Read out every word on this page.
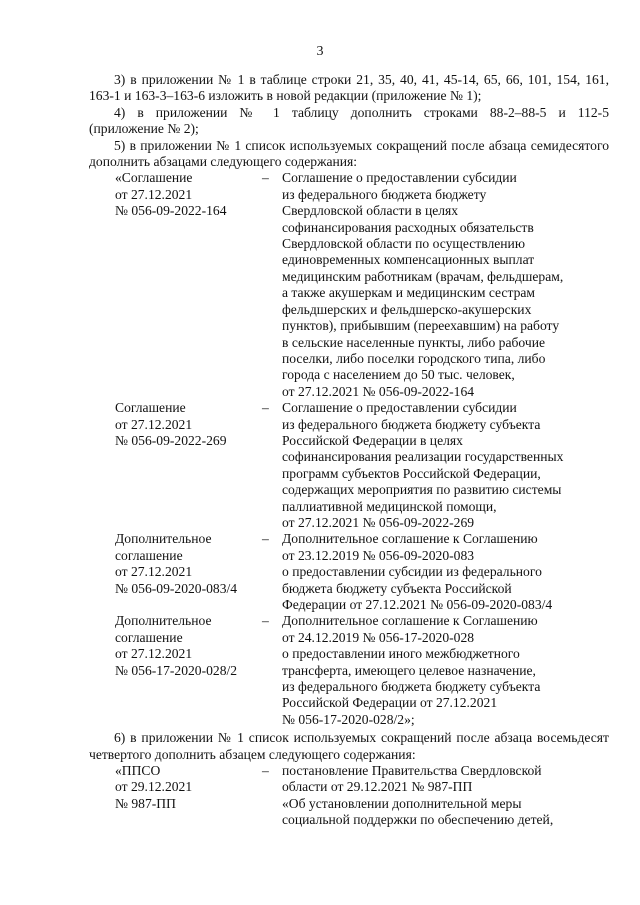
3
3) в приложении № 1 в таблице строки 21, 35, 40, 41, 45-14, 65, 66, 101, 154, 161, 163-1 и 163-3–163-6 изложить в новой редакции (приложение № 1);
4) в приложении № 1 таблицу дополнить строками 88-2–88-5 и 112-5
(приложение № 2);
5) в приложении № 1 список используемых сокращений после абзаца семидесятого дополнить абзацами следующего содержания:
«Соглашение
от 27.12.2021
№ 056-09-2022-164
– Соглашение о предоставлении субсидии
из федерального бюджета бюджету
Свердловской области в целях
софинансирования расходных обязательств
Свердловской области по осуществлению
единовременных компенсационных выплат
медицинским работникам (врачам, фельдшерам,
а также акушеркам и медицинским сестрам
фельдшерских и фельдшерско-акушерских
пунктов), прибывшим (переехавшим) на работу
в сельские населенные пункты, либо рабочие
поселки, либо поселки городского типа, либо
города с населением до 50 тыс. человек,
от 27.12.2021 № 056-09-2022-164
Соглашение
от 27.12.2021
№ 056-09-2022-269
– Соглашение о предоставлении субсидии
из федерального бюджета бюджету субъекта
Российской Федерации в целях
софинансирования реализации государственных
программ субъектов Российской Федерации,
содержащих мероприятия по развитию системы
паллиативной медицинской помощи,
от 27.12.2021 № 056-09-2022-269
Дополнительное
соглашение
от 27.12.2021
№ 056-09-2020-083/4
– Дополнительное соглашение к Соглашению
от 23.12.2019 № 056-09-2020-083
о предоставлении субсидии из федерального
бюджета бюджету субъекта Российской
Федерации от 27.12.2021 № 056-09-2020-083/4
Дополнительное
соглашение
от 27.12.2021
№ 056-17-2020-028/2
– Дополнительное соглашение к Соглашению
от 24.12.2019 № 056-17-2020-028
о предоставлении иного межбюджетного
трансферта, имеющего целевое назначение,
из федерального бюджета бюджету субъекта
Российской Федерации от 27.12.2021
№ 056-17-2020-028/2»;
6) в приложении № 1 список используемых сокращений после абзаца восемьдесят четвертого дополнить абзацем следующего содержания:
«ППСО
от 29.12.2021
№ 987-ПП
– постановление Правительства Свердловской
области от 29.12.2021 № 987-ПП
«Об установлении дополнительной меры
социальной поддержки по обеспечению детей,
